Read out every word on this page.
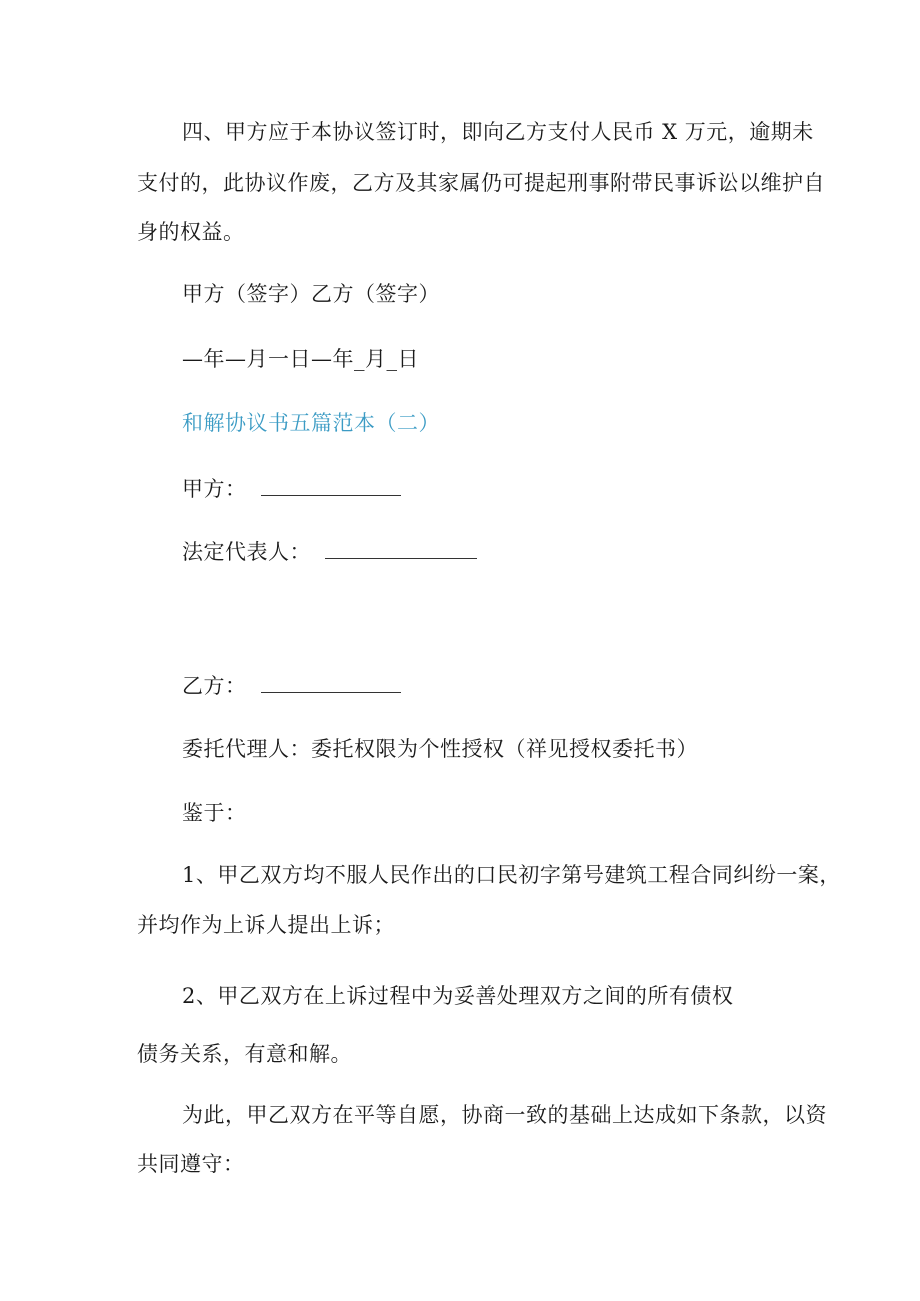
四、甲方应于本协议签订时，即向乙方支付人民币 X 万元，逾期未
支付的，此协议作废，乙方及其家属仍可提起刑事附带民事诉讼以维护自
身的权益。
甲方（签字）乙方（签字）
—年—月一日—年_月_日
和解协议书五篇范本（二）
甲方：
法定代表人：
乙方：
委托代理人：委托权限为个性授权（祥见授权委托书）
鉴于：
1、甲乙双方均不服人民作出的口民初字第号建筑工程合同纠纷一案，
并均作为上诉人提出上诉；
2、甲乙双方在上诉过程中为妥善处理双方之间的所有债权
债务关系，有意和解。
为此，甲乙双方在平等自愿，协商一致的基础上达成如下条款，以资
共同遵守：
